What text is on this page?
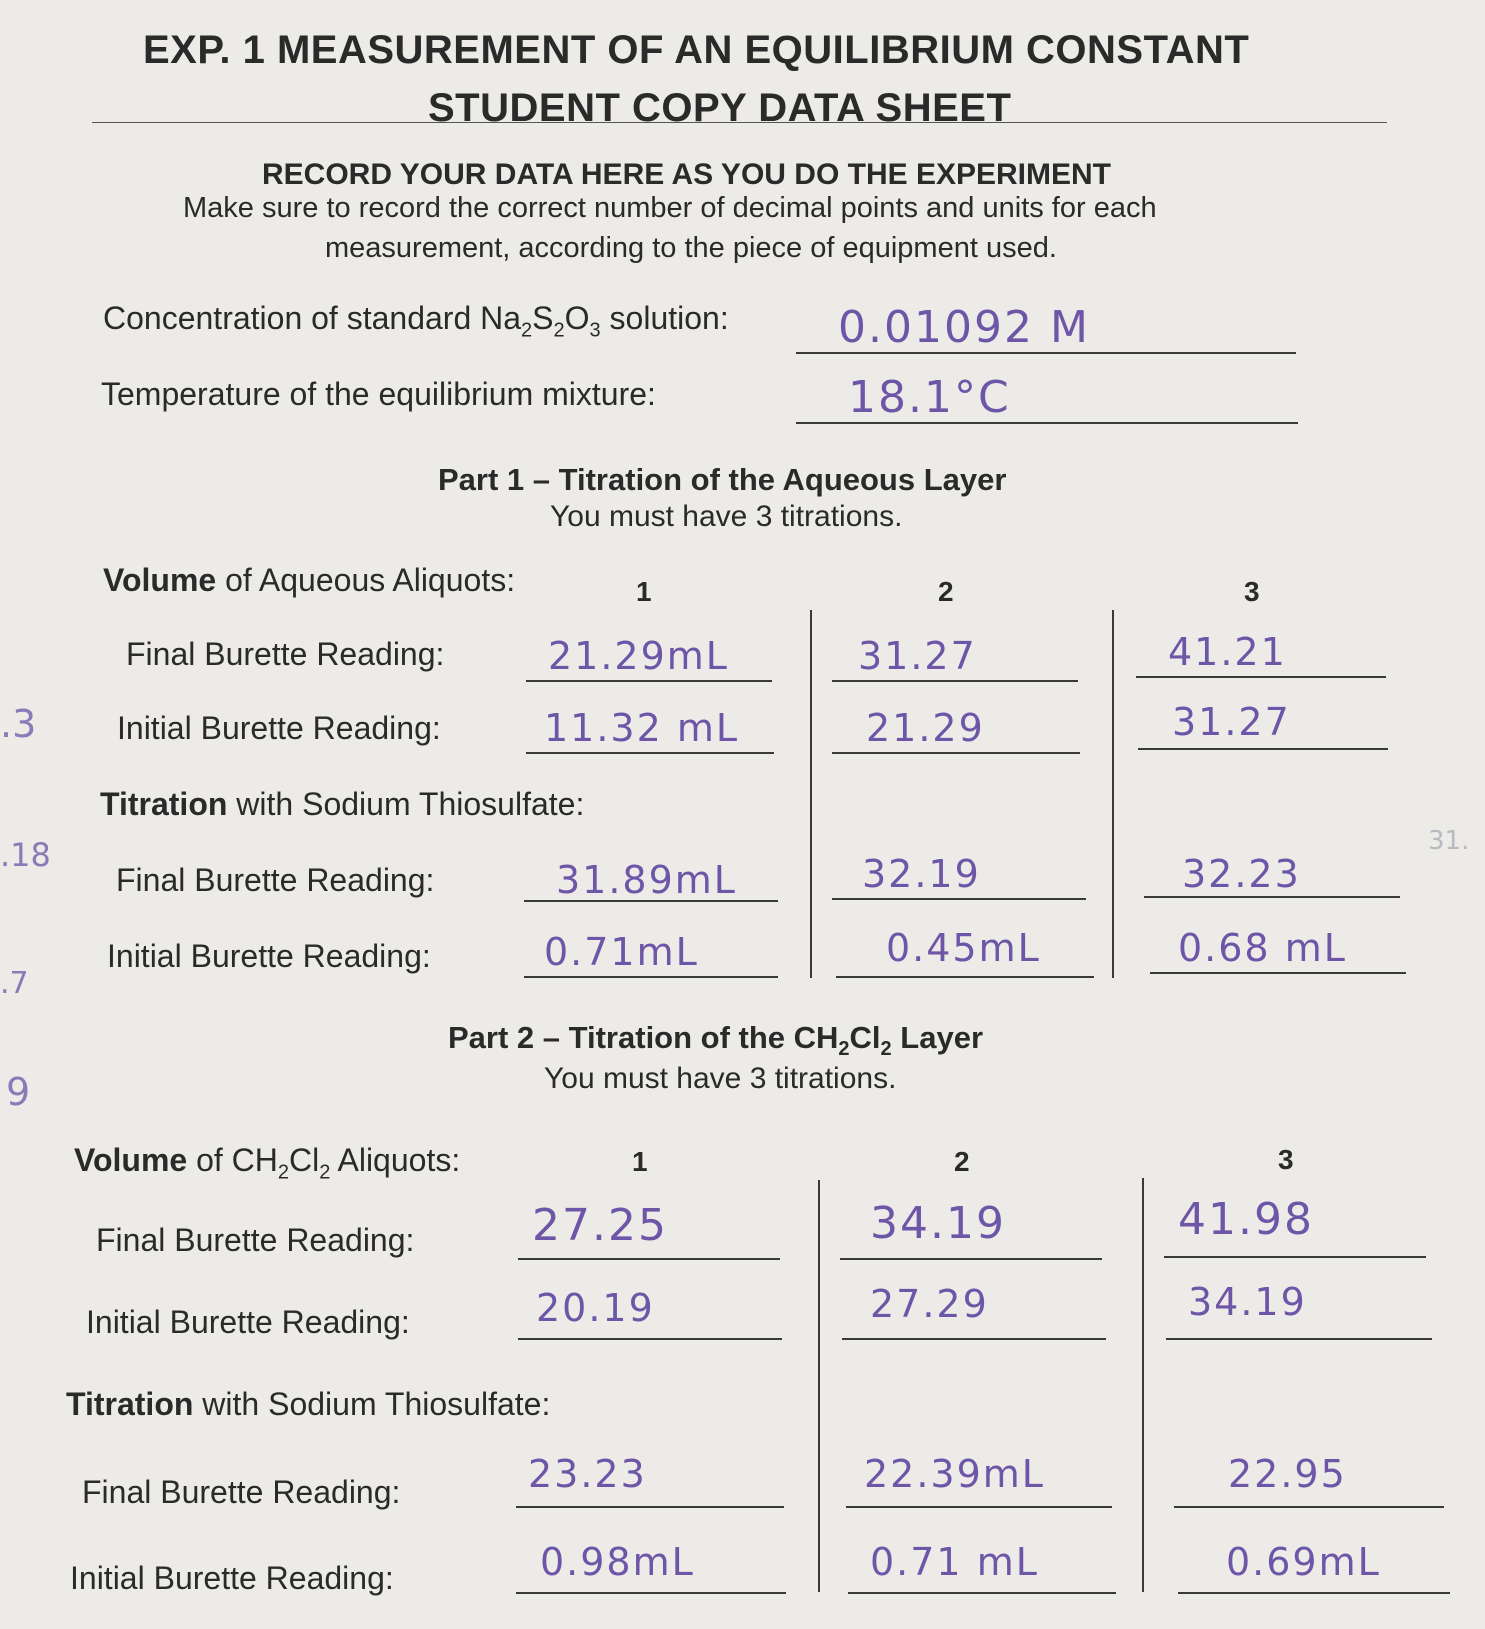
EXP. 1 MEASUREMENT OF AN EQUILIBRIUM CONSTANT
STUDENT COPY DATA SHEET
RECORD YOUR DATA HERE AS YOU DO THE EXPERIMENT
Make sure to record the correct number of decimal points and units for each
measurement, according to the piece of equipment used.
Concentration of standard $Na_2S_2O_3$ solution: 0.01092 M
Temperature of the equilibrium mixture:	18.1°C
Part 1 – Titration of the Aqueous Layer
You must have 3 titrations.
Volume of Aqueous Aliquots:	1	2	3
Final Burette Reading:	21.29mL	31.27	41.21
Initial Burette Reading:	11.32 mL	21.29	31.27
Titration with Sodium Thiosulfate:
Final Burette Reading:	31.89mL	32.19	32.23
Initial Burette Reading:	0.71mL	0.45mL	0.68 mL
Part 2 – Titration of the $CH_2Cl_2$ Layer
You must have 3 titrations.
Volume of $CH_2Cl_2$ Aliquots:	1	2	3
Final Burette Reading:	27.25	34.19	41.98
Initial Burette Reading:	20.19	27.29	34.19
Titration with Sodium Thiosulfate:
Final Burette Reading:	23.23	22.39mL	22.95
Initial Burette Reading:	0.98mL	0.71 mL	0.69mL
.3
.18
.7
9
31.
